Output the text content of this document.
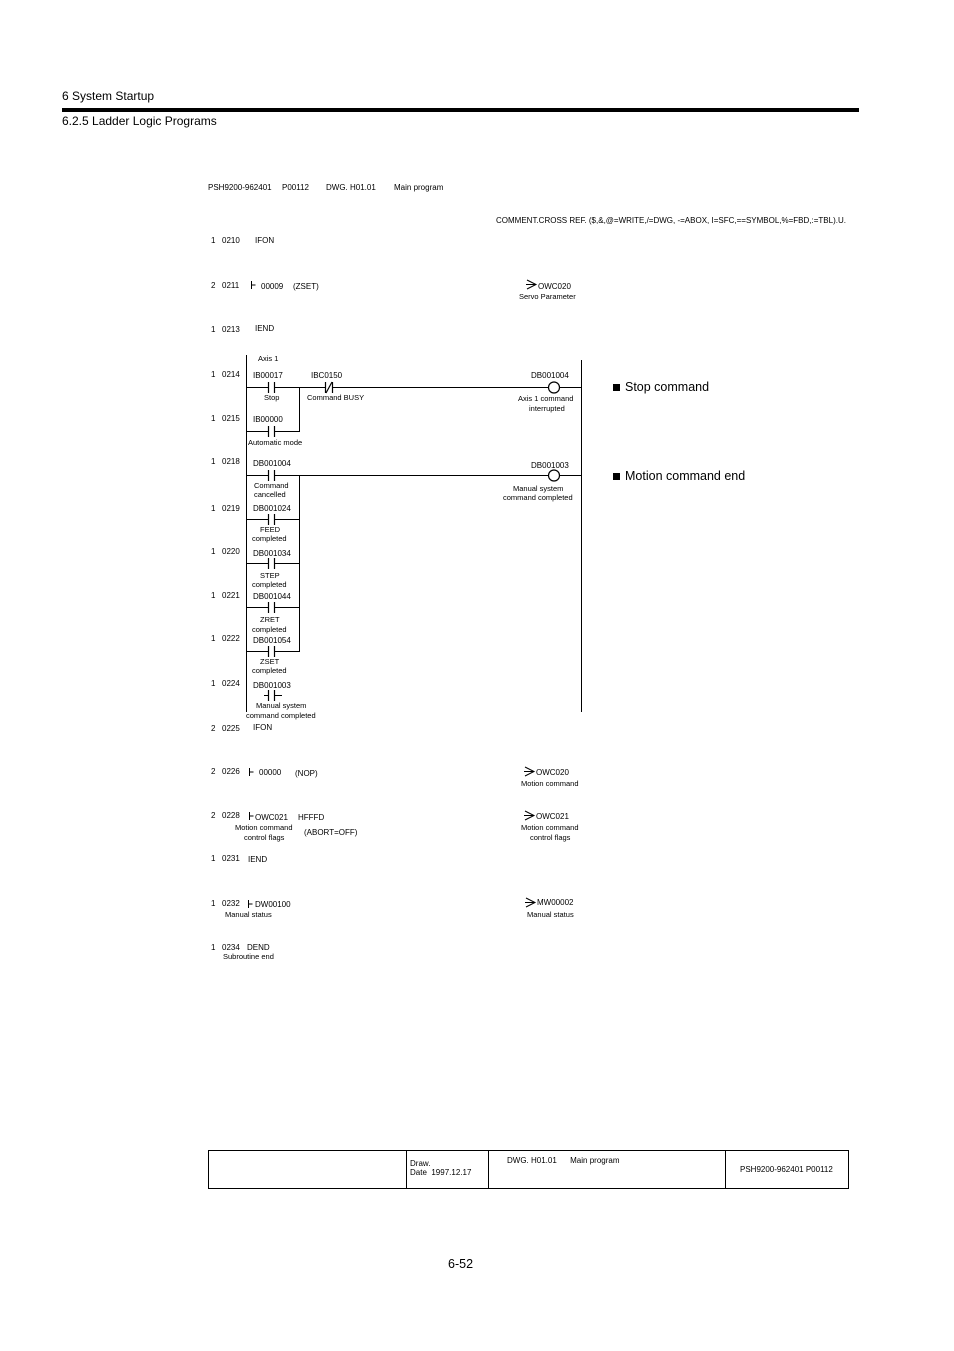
6 System Startup
6.2.5 Ladder Logic Programs
PSH9200-962401 P00112 DWG. H01.01 Main program
COMMENT.CROSS REF. ($,&,@=WRITE,/=DWG, -=ABOX, I=SFC,==SYMBOL,%=FBD,:=TBL).U.
1 0210 IFON
2 0211	00009 (ZSET)	OWC020
Servo Parameter
1 0213 IEND
1 0214
1 0215
1 0218
1 0219
1 0220
1 0221
1 0222
1 0224
2 0225 IFON
2 0226 00000 (NOP)	OWC020
Motion command
2 0228 OWC021
Motion command
control flags
HFFFD
(ABORT=OFF)
OWC021
Motion command
control flags
1 0231 IEND
1 0232 DW00100
Manual status
MW00002
Manual status
1 0234 DEND
Subroutine end
Axis 1
IB00017
Stop
IBC0150
Command BUSY
IB00000
Automatic mode
DB001004
Axis 1 command
interrupted
DB001004
Command
cancelled
DB001024
FEED
completed
DB001034
STEP
completed
DB001044
ZRET
completed
DB001054
ZSET
completed
DB001003
Manual system
command completed
DB001003
Manual system
command completed
Stop command
Motion command end

Draw.
Date 1997.12.17
	DWG. H01.01 Main program	PSH9200-962401 P00112
6-52
